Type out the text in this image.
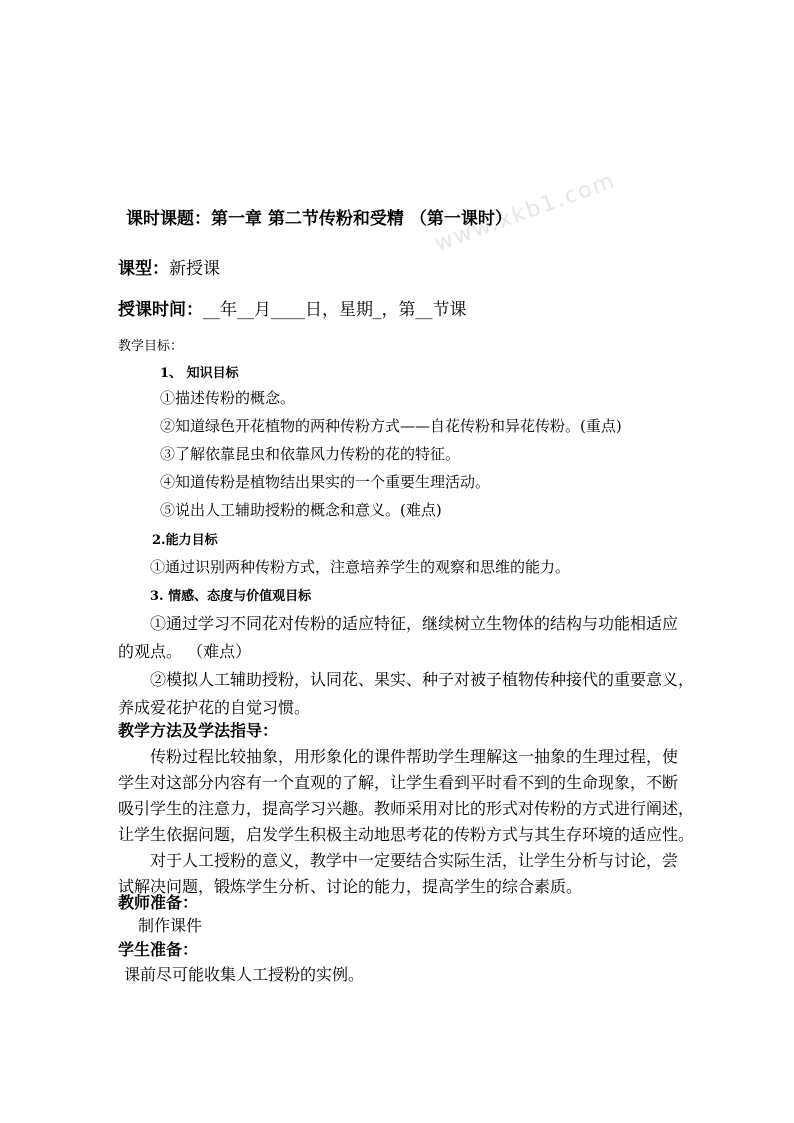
www.xkb1.com
课时课题：第一章 第二节传粉和受精 （第一课时）
课型：新授课
授课时间：__年__月____日，星期_，第__节课
教学目标：
1、 知识目标
①描述传粉的概念。
②知道绿色开花植物的两种传粉方式——自花传粉和异花传粉。(重点)
③了解依靠昆虫和依靠风力传粉的花的特征。
④知道传粉是植物结出果实的一个重要生理活动。
⑤说出人工辅助授粉的概念和意义。(难点)
2.能力目标
①通过识别两种传粉方式，注意培养学生的观察和思维的能力。
3. 情感、态度与价值观目标
①通过学习不同花对传粉的适应特征，继续树立生物体的结构与功能相适应
的观点。 （难点）
②模拟人工辅助授粉，认同花、果实、种子对被子植物传种接代的重要意义，
养成爱花护花的自觉习惯。
教学方法及学法指导：
传粉过程比较抽象，用形象化的课件帮助学生理解这一抽象的生理过程，使
学生对这部分内容有一个直观的了解，让学生看到平时看不到的生命现象，不断
吸引学生的注意力，提高学习兴趣。教师采用对比的形式对传粉的方式进行阐述，
让学生依据问题，启发学生积极主动地思考花的传粉方式与其生存环境的适应性。
对于人工授粉的意义，教学中一定要结合实际生活，让学生分析与讨论，尝
试解决问题，锻炼学生分析、讨论的能力，提高学生的综合素质。
教师准备：
制作课件
学生准备：
课前尽可能收集人工授粉的实例。
